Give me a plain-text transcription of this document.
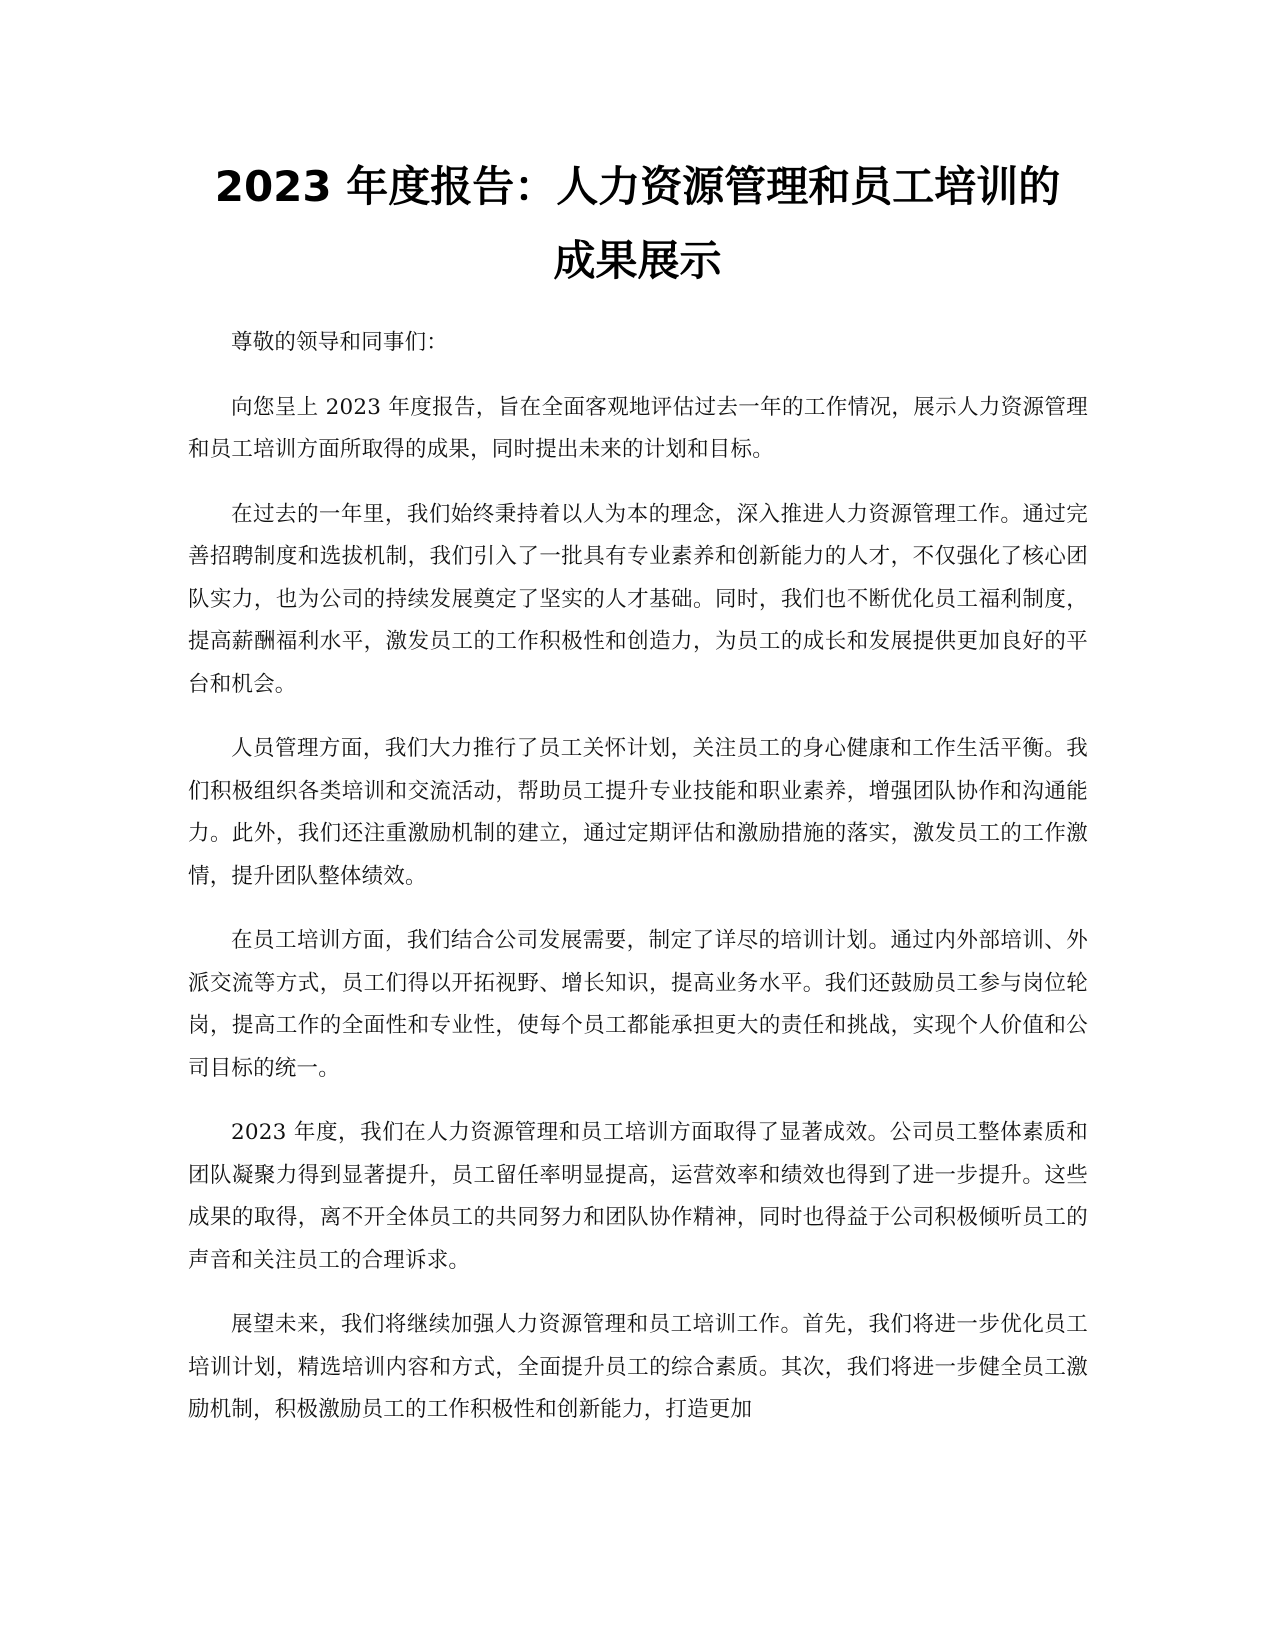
2023 年度报告：人力资源管理和员工培训的
成果展示

尊敬的领导和同事们：

向您呈上 2023 年度报告，旨在全面客观地评估过去一年的工作情况，展示人力资源管理和员工培训方面所取得的成果，同时提出未来的计划和目标。

在过去的一年里，我们始终秉持着以人为本的理念，深入推进人力资源管理工作。通过完善招聘制度和选拔机制，我们引入了一批具有专业素养和创新能力的人才，不仅强化了核心团队实力，也为公司的持续发展奠定了坚实的人才基础。同时，我们也不断优化员工福利制度，提高薪酬福利水平，激发员工的工作积极性和创造力，为员工的成长和发展提供更加良好的平台和机会。

人员管理方面，我们大力推行了员工关怀计划，关注员工的身心健康和工作生活平衡。我们积极组织各类培训和交流活动，帮助员工提升专业技能和职业素养，增强团队协作和沟通能力。此外，我们还注重激励机制的建立，通过定期评估和激励措施的落实，激发员工的工作激情，提升团队整体绩效。

在员工培训方面，我们结合公司发展需要，制定了详尽的培训计划。通过内外部培训、外派交流等方式，员工们得以开拓视野、增长知识，提高业务水平。我们还鼓励员工参与岗位轮岗，提高工作的全面性和专业性，使每个员工都能承担更大的责任和挑战，实现个人价值和公司目标的统一。

2023 年度，我们在人力资源管理和员工培训方面取得了显著成效。公司员工整体素质和团队凝聚力得到显著提升，员工留任率明显提高，运营效率和绩效也得到了进一步提升。这些成果的取得，离不开全体员工的共同努力和团队协作精神，同时也得益于公司积极倾听员工的声音和关注员工的合理诉求。

展望未来，我们将继续加强人力资源管理和员工培训工作。首先，我们将进一步优化员工培训计划，精选培训内容和方式，全面提升员工的综合素质。其次，我们将进一步健全员工激励机制，积极激励员工的工作积极性和创新能力，打造更加
